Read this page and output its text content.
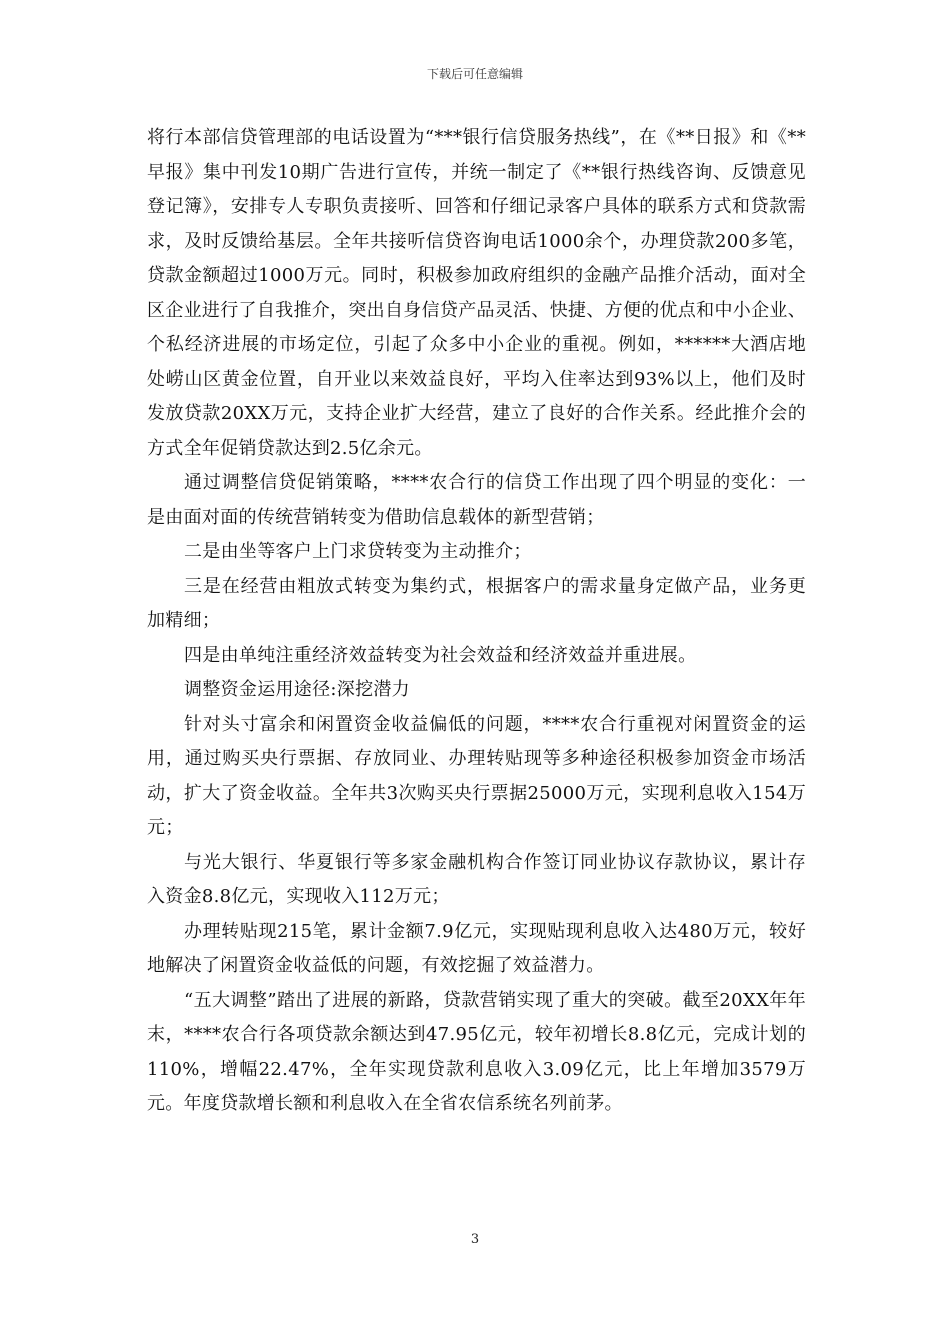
下载后可任意编辑

将行本部信贷管理部的电话设置为“***银行信贷服务热线”，在《**日报》和《**早报》集中刊发10期广告进行宣传，并统一制定了《**银行热线咨询、反馈意见登记簿》，安排专人专职负责接听、回答和仔细记录客户具体的联系方式和贷款需求，及时反馈给基层。全年共接听信贷咨询电话1000余个，办理贷款200多笔，贷款金额超过1000万元。同时，积极参加政府组织的金融产品推介活动，面对全区企业进行了自我推介，突出自身信贷产品灵活、快捷、方便的优点和中小企业、个私经济进展的市场定位，引起了众多中小企业的重视。例如，******大酒店地处崂山区黄金位置，自开业以来效益良好，平均入住率达到93%以上，他们及时发放贷款20XX万元，支持企业扩大经营，建立了良好的合作关系。经此推介会的方式全年促销贷款达到2.5亿余元。

通过调整信贷促销策略，****农合行的信贷工作出现了四个明显的变化：一是由面对面的传统营销转变为借助信息载体的新型营销；

二是由坐等客户上门求贷转变为主动推介；

三是在经营由粗放式转变为集约式，根据客户的需求量身定做产品，业务更加精细；

四是由单纯注重经济效益转变为社会效益和经济效益并重进展。

调整资金运用途径:深挖潜力

针对头寸富余和闲置资金收益偏低的问题，****农合行重视对闲置资金的运用，通过购买央行票据、存放同业、办理转贴现等多种途径积极参加资金市场活动，扩大了资金收益。全年共3次购买央行票据25000万元，实现利息收入154万元；

与光大银行、华夏银行等多家金融机构合作签订同业协议存款协议，累计存入资金8.8亿元，实现收入112万元；

办理转贴现215笔，累计金额7.9亿元，实现贴现利息收入达480万元，较好地解决了闲置资金收益低的问题，有效挖掘了效益潜力。

“五大调整”踏出了进展的新路，贷款营销实现了重大的突破。截至20XX年年末，****农合行各项贷款余额达到47.95亿元，较年初增长8.8亿元，完成计划的110%，增幅22.47%，全年实现贷款利息收入3.09亿元，比上年增加3579万元。年度贷款增长额和利息收入在全省农信系统名列前茅。

3
